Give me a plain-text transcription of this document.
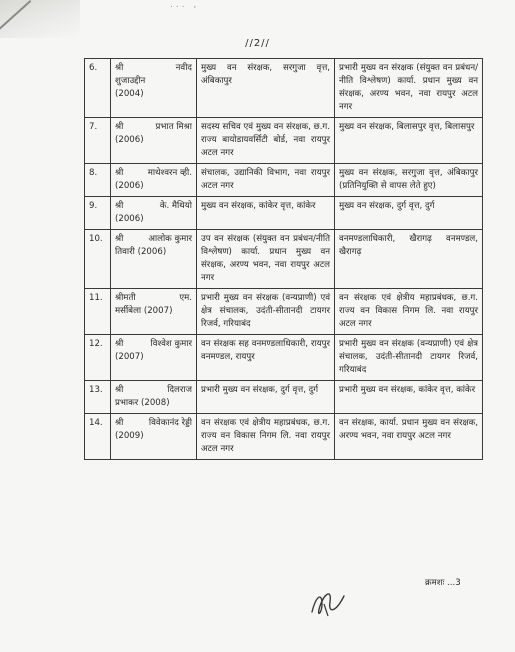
... ,
//2//
6.	श्री नवीद
शुजाउद्दीन
(2004)	मुख्य वन संरक्षक, सरगुजा वृत्त, अंबिकापुर	प्रभारी मुख्य वन संरक्षक (संयुक्त वन प्रबंधन/नीति विश्लेषण) कार्या. प्रधान मुख्य वन संरक्षक, अरण्य भवन, नवा रायपुर अटल नगर
7.	श्री प्रभात मिश्रा
(2006)	सदस्य सचिव एवं मुख्य वन संरक्षक, छ.ग. राज्य बायोडायवर्सिटी बोर्ड, नवा रायपुर अटल नगर	मुख्य वन संरक्षक, बिलासपुर वृत्त, बिलासपुर
8.	श्री माथेश्वरन व्ही.
(2006)	संचालक, उद्यानिकी विभाग, नवा रायपुर अटल नगर	मुख्य वन संरक्षक, सरगुजा वृत्त, अंबिकापुर (प्रतिनियुक्ति से वापस लेते हुए)
9.	श्री के. मैथियो
(2006)	मुख्य वन संरक्षक, कांकेर वृत्त, कांकेर	मुख्य वन संरक्षक, दुर्ग वृत्त, दुर्ग
10.	श्री आलोक कुमार
तिवारी (2006)	उप वन संरक्षक (संयुक्त वन प्रबंधन/नीति विश्लेषण) कार्या. प्रधान मुख्य वन संरक्षक, अरण्य भवन, नवा रायपुर अटल नगर	वनमण्डलाधिकारी, खैरागढ़ वनमण्डल, खैरागढ़
11.	श्रीमती एम.
मर्सीबेला (2007)	प्रभारी मुख्य वन संरक्षक (वन्यप्राणी) एवं क्षेत्र संचालक, उदंती-सीतानदी टायगर रिजर्व, गरियाबंद	वन संरक्षक एवं क्षेत्रीय महाप्रबंधक, छ.ग. राज्य वन विकास निगम लि. नवा रायपुर अटल नगर
12.	श्री विश्वेश कुमार
(2007)	वन संरक्षक सह वनमण्डलाधिकारी, रायपुर वनमण्डल, रायपुर	प्रभारी मुख्य वन संरक्षक (वन्यप्राणी) एवं क्षेत्र संचालक, उदंती-सीतानदी टायगर रिजर्व, गरियाबंद
13.	श्री दिलराज
प्रभाकर (2008)	प्रभारी मुख्य वन संरक्षक, दुर्ग वृत्त, दुर्ग	प्रभारी मुख्य वन संरक्षक, कांकेर वृत्त, कांकेर
14.	श्री विवेकानंद रेड्डी
(2009)	वन संरक्षक एवं क्षेत्रीय महाप्रबंधक, छ.ग. राज्य वन विकास निगम लि. नवा रायपुर अटल नगर	वन संरक्षक, कार्या. प्रधान मुख्य वन संरक्षक, अरण्य भवन, नवा रायपुर अटल नगर
क्रमशः ...3
